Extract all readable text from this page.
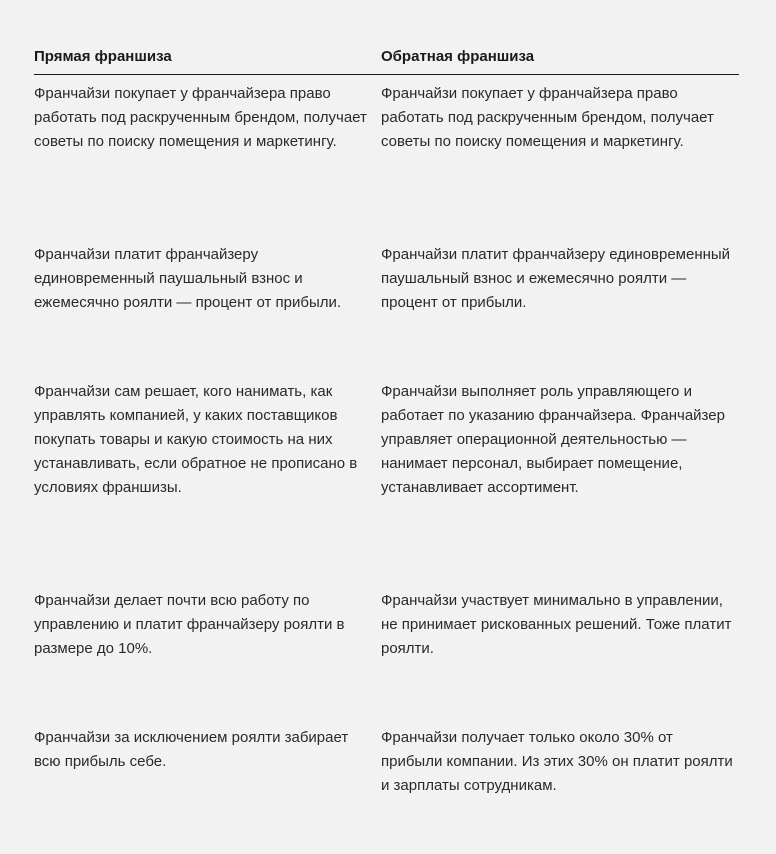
Прямая франшиза	Обратная франшиза
Франчайзи покупает у франчайзера право работать под раскрученным брендом, получает советы по поиску помещения и маркетингу.
Франчайзи покупает у франчайзера право работать под раскрученным брендом, получает советы по поиску помещения и маркетингу.
Франчайзи платит франчайзеру единовременный паушальный взнос и ежемесячно роялти — процент от прибыли.
Франчайзи платит франчайзеру единовременный паушальный взнос и ежемесячно роялти — процент от прибыли.
Франчайзи сам решает, кого нанимать, как управлять компанией, у каких поставщиков покупать товары и какую стоимость на них устанавливать, если обратное не прописано в условиях франшизы.
Франчайзи выполняет роль управляющего и работает по указанию франчайзера. Франчайзер управляет операционной деятельностью — нанимает персонал, выбирает помещение, устанавливает ассортимент.
Франчайзи делает почти всю работу по управлению и платит франчайзеру роялти в размере до 10%.
Франчайзи участвует минимально в управлении, не принимает рискованных решений. Тоже платит роялти.
Франчайзи за исключением роялти забирает всю прибыль себе.
Франчайзи получает только около 30% от прибыли компании. Из этих 30% он платит роялти и зарплаты сотрудникам.
